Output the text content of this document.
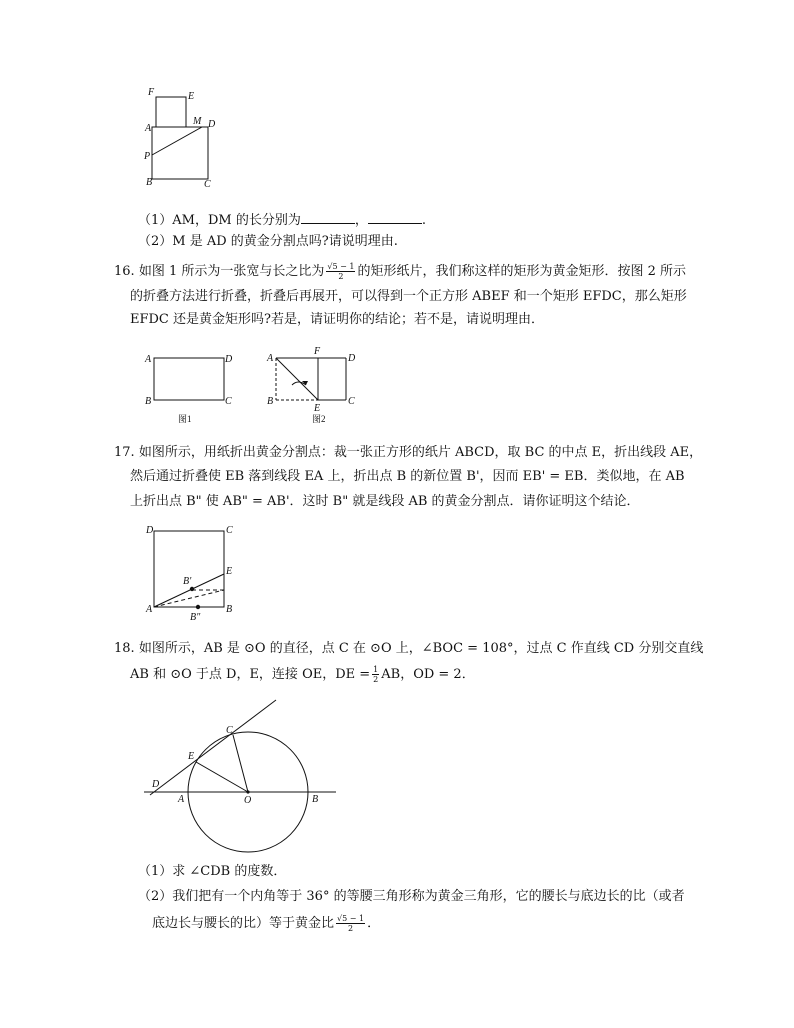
F	E
A
M D
P
B	C
（1）AM，DM 的长分别为	，	.
（2）M 是 AD 的黄金分割点吗?请说明理由.
16. 如图 1 所示为一张宽与长之比为 $\frac{√5 - 1}{2}$ 的矩形纸片，我们称这样的矩形为黄金矩形．按图 2 所示
的折叠方法进行折叠，折叠后再展开，可以得到一个正方形 ABEF 和一个矩形 EFDC，那么矩形
EFDC 还是黄金矩形吗?若是，请证明你的结论；若不是，请说明理由．
A	D
B	C
图1
A
F
D
B
E
C
图2
17. 如图所示，用纸折出黄金分割点：裁一张正方形的纸片 ABCD，取 BC 的中点 E，折出线段 AE，
然后通过折叠使 EB 落到线段 EA 上，折出点 B 的新位置 B'，因而 EB' = EB．类似地，在 AB
上折出点 B" 使 AB" = AB'．这时 B" 就是线段 AB 的黄金分割点．请你证明这个结论．
D	C
E
B'
A
B"
B
18. 如图所示，AB 是 ⊙O 的直径，点 C 在 ⊙O 上，∠BOC = 108°，过点 C 作直线 CD 分别交直线
AB 和 ⊙O 于点 D，E，连接 OE，DE = $\frac{1}{2}$ AB，OD = 2．
C
E
D
A	O	B
（1）求 ∠CDB 的度数．
（2）我们把有一个内角等于 36° 的等腰三角形称为黄金三角形，它的腰长与底边长的比（或者
底边长与腰长的比）等于黄金比 $\frac{√5 - 1}{2}$ ．
